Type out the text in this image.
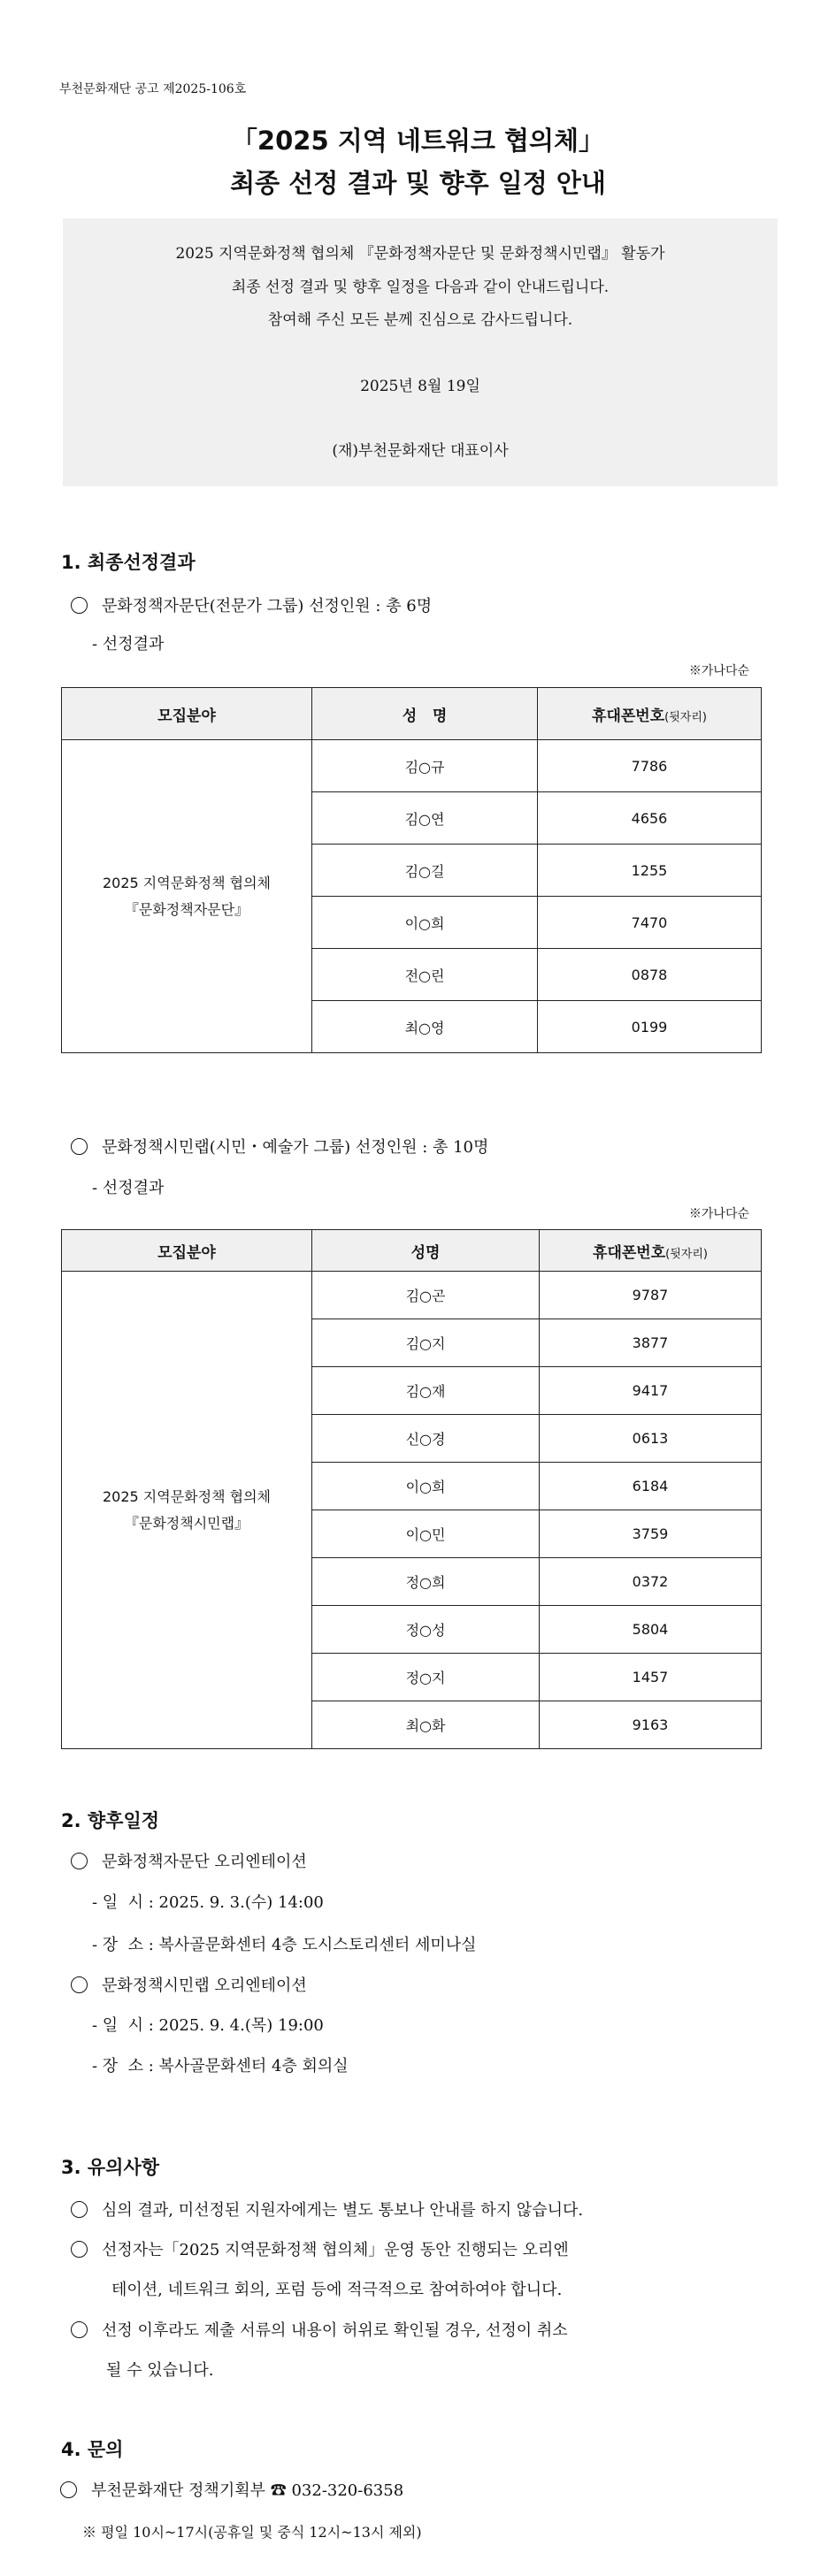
부천문화재단 공고 제2025-106호
「2025 지역 네트워크 협의체」
최종 선정 결과 및 향후 일정 안내
2025 지역문화정책 협의체 『문화정책자문단 및 문화정책시민랩』 활동가
최종 선정 결과 및 향후 일정을 다음과 같이 안내드립니다.
참여해 주신 모든 분께 진심으로 감사드립니다.
2025년 8월 19일
(재)부천문화재단 대표이사
1. 최종선정결과
문화정책자문단(전문가 그룹) 선정인원 : 총 6명
- 선정결과
※가나다순
모집분야	성   명	휴대폰번호(뒷자리)

2025 지역문화정책 협의체
『문화정책자문단』	김○규	7786
	김○연	4656
	김○길	1255
	이○희	7470
	전○린	0878
	최○영	0199
문화정책시민랩(시민・예술가 그룹) 선정인원 : 총 10명
- 선정결과
※가나다순
모집분야	성명	휴대폰번호(뒷자리)

2025 지역문화정책 협의체
『문화정책시민랩』	김○곤	9787
	김○지	3877
	김○재	9417
	신○경	0613
	이○희	6184
	이○민	3759
	정○희	0372
	정○성	5804
	정○지	1457
	최○화	9163
2. 향후일정
문화정책자문단 오리엔테이션
- 일  시 : 2025. 9. 3.(수) 14:00
- 장  소 : 복사골문화센터 4층 도시스토리센터 세미나실
문화정책시민랩 오리엔테이션
- 일  시 : 2025. 9. 4.(목) 19:00
- 장  소 : 복사골문화센터 4층 회의실
3. 유의사항
심의 결과, 미선정된 지원자에게는 별도 통보나 안내를 하지 않습니다.
선정자는「2025 지역문화정책 협의체」운영 동안 진행되는 오리엔
테이션, 네트워크 회의, 포럼 등에 적극적으로 참여하여야 합니다.
선정 이후라도 제출 서류의 내용이 허위로 확인될 경우, 선정이 취소
될 수 있습니다.
4. 문의
부천문화재단 정책기획부 ☎ 032-320-6358
※ 평일 10시~17시(공휴일 및 중식 12시~13시 제외)
